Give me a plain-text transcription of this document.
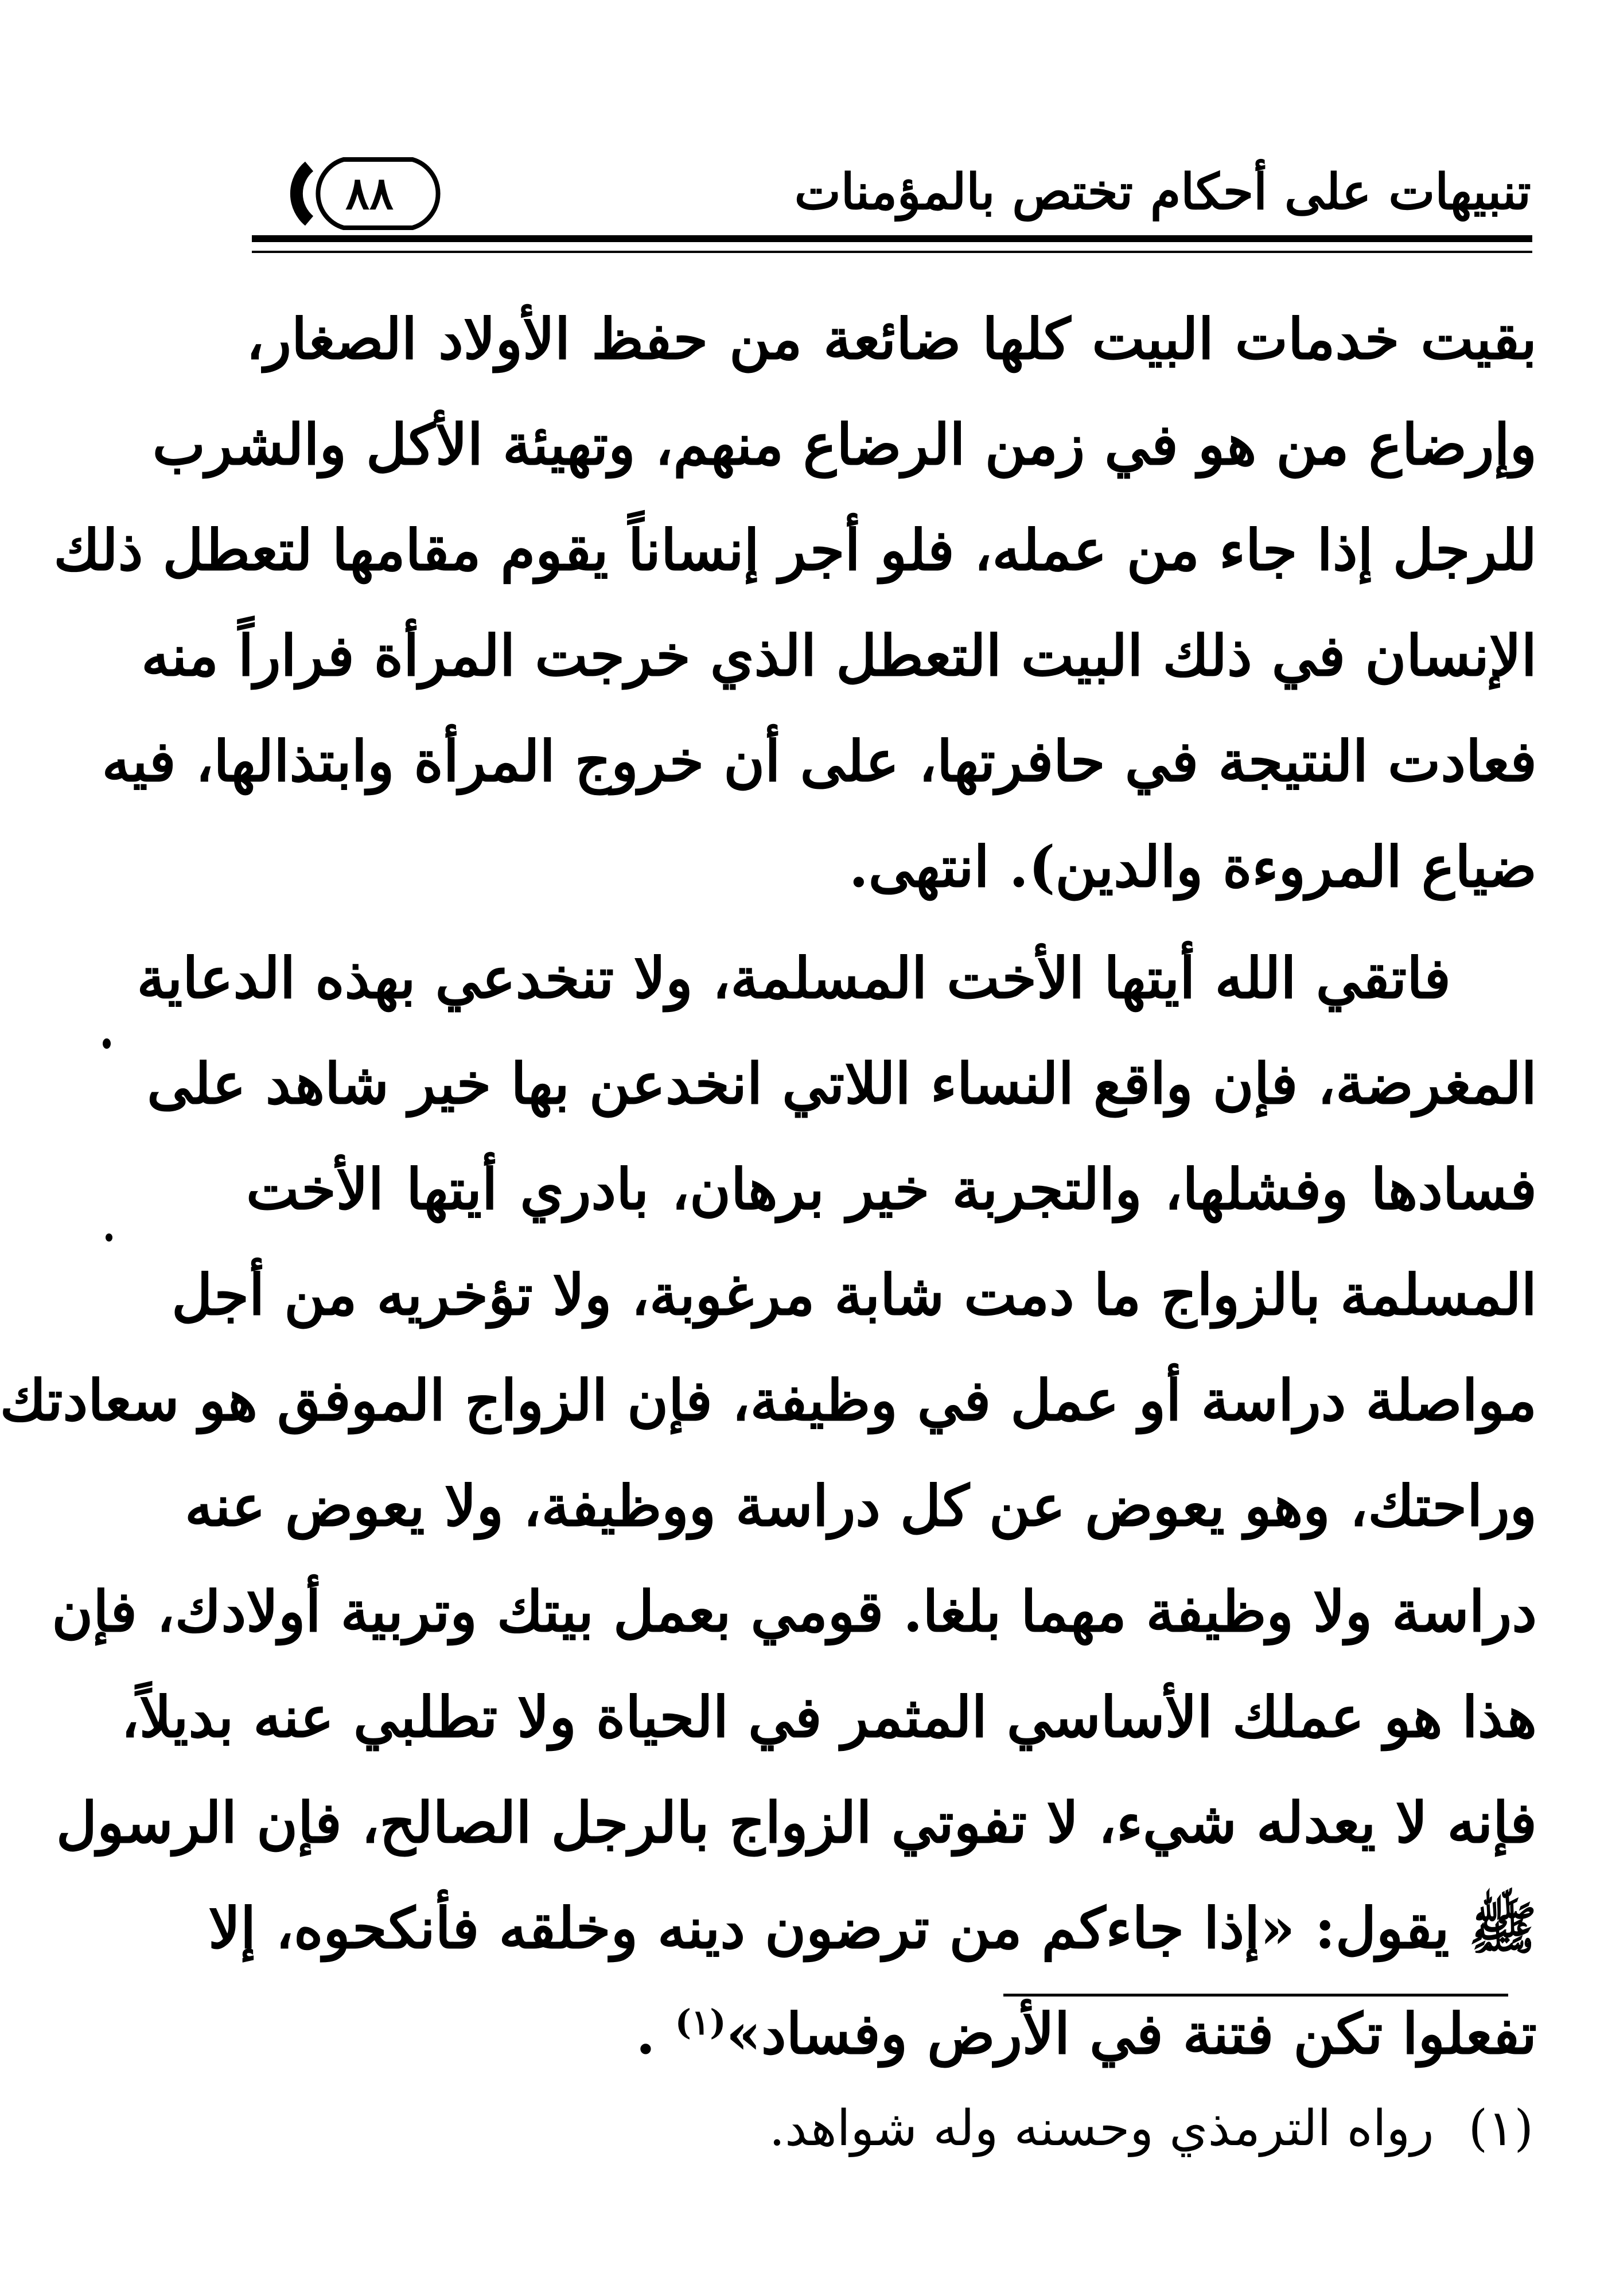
تنبيهات على أحكام تختص بالمؤمنات
٨٨
بقيت خدمات البيت كلها ضائعة من حفظ الأولاد الصغار،
وإرضاع من هو في زمن الرضاع منهم، وتهيئة الأكل والشرب
للرجل إذا جاء من عمله، فلو أجر إنساناً يقوم مقامها لتعطل ذلك
الإنسان في ذلك البيت التعطل الذي خرجت المرأة فراراً منه
فعادت النتيجة في حافرتها، على أن خروج المرأة وابتذالها، فيه
ضياع المروءة والدين). انتهى.
فاتقي الله أيتها الأخت المسلمة، ولا تنخدعي بهذه الدعاية
المغرضة، فإن واقع النساء اللاتي انخدعن بها خير شاهد على
فسادها وفشلها، والتجربة خير برهان، بادري أيتها الأخت
المسلمة بالزواج ما دمت شابة مرغوبة، ولا تؤخريه من أجل
مواصلة دراسة أو عمل في وظيفة، فإن الزواج الموفق هو سعادتك
وراحتك، وهو يعوض عن كل دراسة ووظيفة، ولا يعوض عنه
دراسة ولا وظيفة مهما بلغا. قومي بعمل بيتك وتربية أولادك، فإن
هذا هو عملك الأساسي المثمر في الحياة ولا تطلبي عنه بديلاً،
فإنه لا يعدله شيء، لا تفوتي الزواج بالرجل الصالح، فإن الرسول
ﷺ يقول: «إذا جاءكم من ترضون دينه وخلقه فأنكحوه، إلا
تفعلوا تكن فتنة في الأرض وفساد»$^{(١)}$ .
(١)رواه الترمذي وحسنه وله شواهد.
